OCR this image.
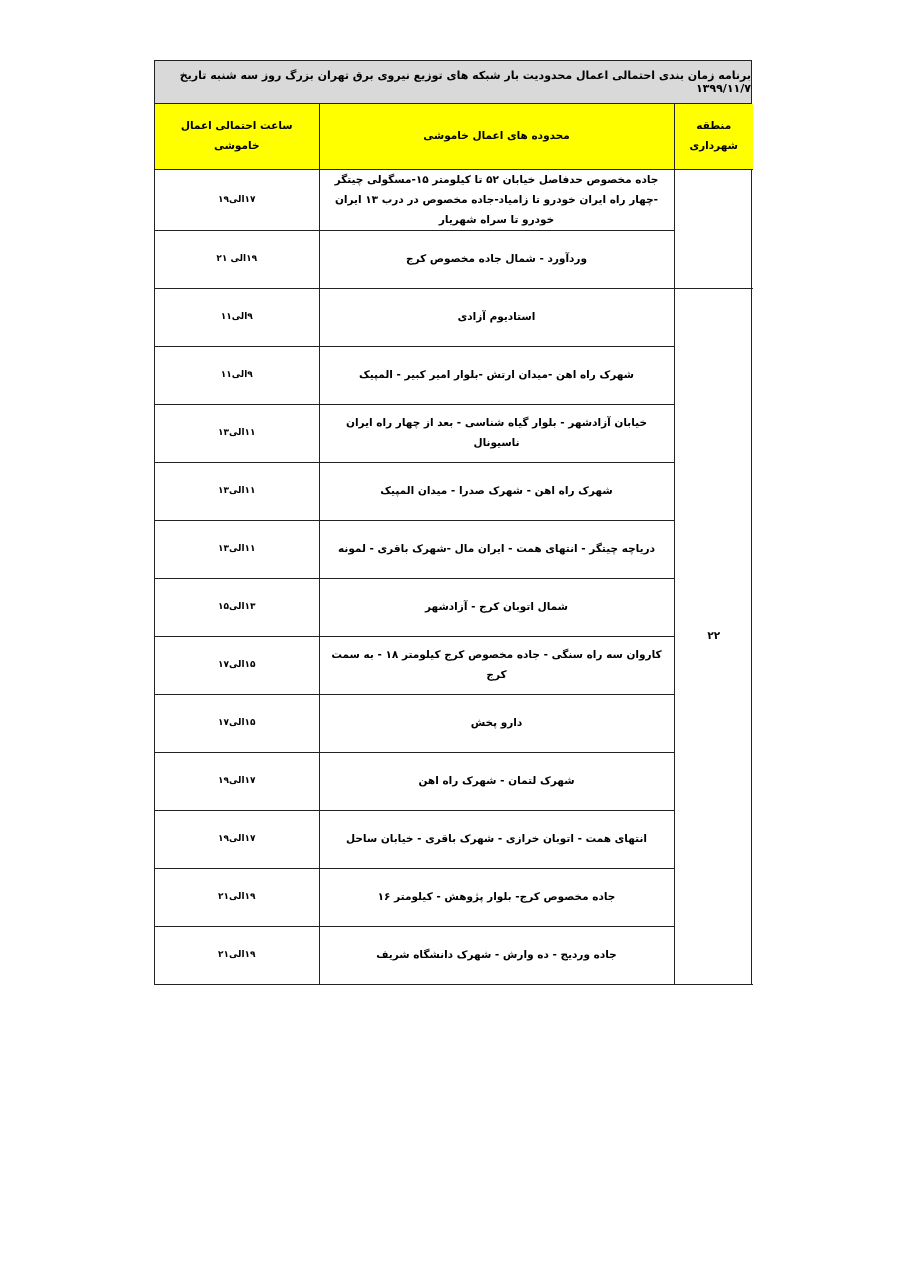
برنامه زمان بندی احتمالی اعمال محدودیت بار شبکه های توزیع نیروی برق تهران بزرگ روز سه شنبه تاریخ ۱۳۹۹/۱۱/۷
منطقه شهرداری	محدوده های اعمال خاموشی	ساعت احتمالی اعمال خاموشی
	جاده مخصوص حدفاصل خیابان ۵۲ تا کیلومتر ۱۵-مسگولی چیتگر -چهار راه ایران خودرو تا زامیاد-جاده مخصوص در درب ۱۳ ایران خودرو تا سراه شهریار	۱۷الی۱۹
	وردآورد - شمال جاده مخصوص کرج	۱۹الی ۲۱
۲۲	استادیوم آزادی	۹الی۱۱
	شهرک راه اهن -میدان ارتش -بلوار امیر کبیر - المپیک	۹الی۱۱
	خیابان آزادشهر - بلوار گیاه شناسی - بعد از چهار راه ایران ناسیونال	۱۱الی۱۳
	شهرک راه اهن - شهرک صدرا - میدان المپیک	۱۱الی۱۳
	دریاچه چیتگر - انتهای همت - ایران مال -شهرک باقری - لمونه	۱۱الی۱۳
	شمال اتوبان کرج - آزادشهر	۱۳الی۱۵
	کاروان سه راه سنگی - جاده مخصوص کرج کیلومتر ۱۸ - به سمت کرج	۱۵الی۱۷
	دارو پخش	۱۵الی۱۷
	شهرک لتمان - شهرک راه اهن	۱۷الی۱۹
	انتهای همت - اتوبان خرازی - شهرک باقری - خیابان ساحل	۱۷الی۱۹
	جاده مخصوص کرج- بلوار پژوهش - کیلومتر ۱۶	۱۹الی۲۱
	جاده وردیج - ده وارش - شهرک دانشگاه شریف	۱۹الی۲۱
